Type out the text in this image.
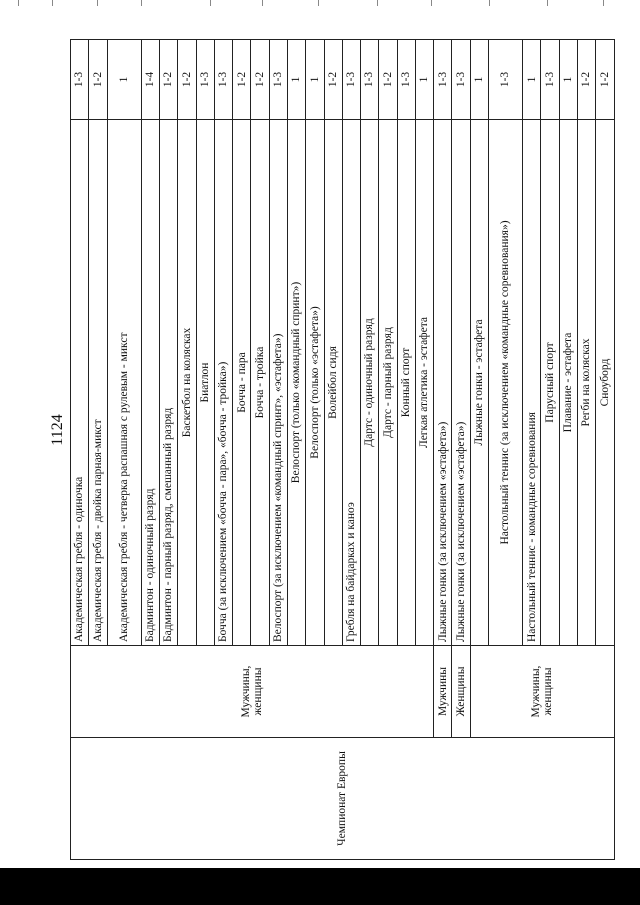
1124
Чемпионат Европы	Мужчины, женщины	Академическая гребля - одиночка	1-3
		Академическая гребля - двойка парная-микст	1-2
		Академическая гребля - четверка распашная с рулевым - микст	1
		Бадминтон - одиночный разряд	1-4
		Бадминтон - парный разряд, смешанный разряд	1-2
		Баскетбол на колясках	1-2
		Биатлон	1-3
		Бочча (за исключением «бочча - пара», «бочча - тройка»)	1-3
		Бочча - пара	1-2
		Бочча - тройка	1-2
		Велоспорт (за исключением «командный спринт», «эстафета»)	1-3
		Велоспорт (только «командный спринт»)	1
		Велоспорт (только «эстафета»)	1
		Волейбол сидя	1-2
		Гребля на байдарках и каноэ	1-3
		Дартс - одиночный разряд	1-3
		Дартс - парный разряд	1-2
		Конный спорт	1-3
		Легкая атлетика - эстафета	1
	Мужчины	Лыжные гонки (за исключением «эстафета»)	1-3
	Женщины	Лыжные гонки (за исключением «эстафета»)	1-3
	Мужчины, женщины	Лыжные гонки - эстафета	1
		Настольный теннис (за исключением «командные соревнования»)	1-3
		Настольный теннис - командные соревнования	1
		Парусный спорт	1-3
		Плавание - эстафета	1
		Регби на колясках	1-2
		Сноуборд	1-2
